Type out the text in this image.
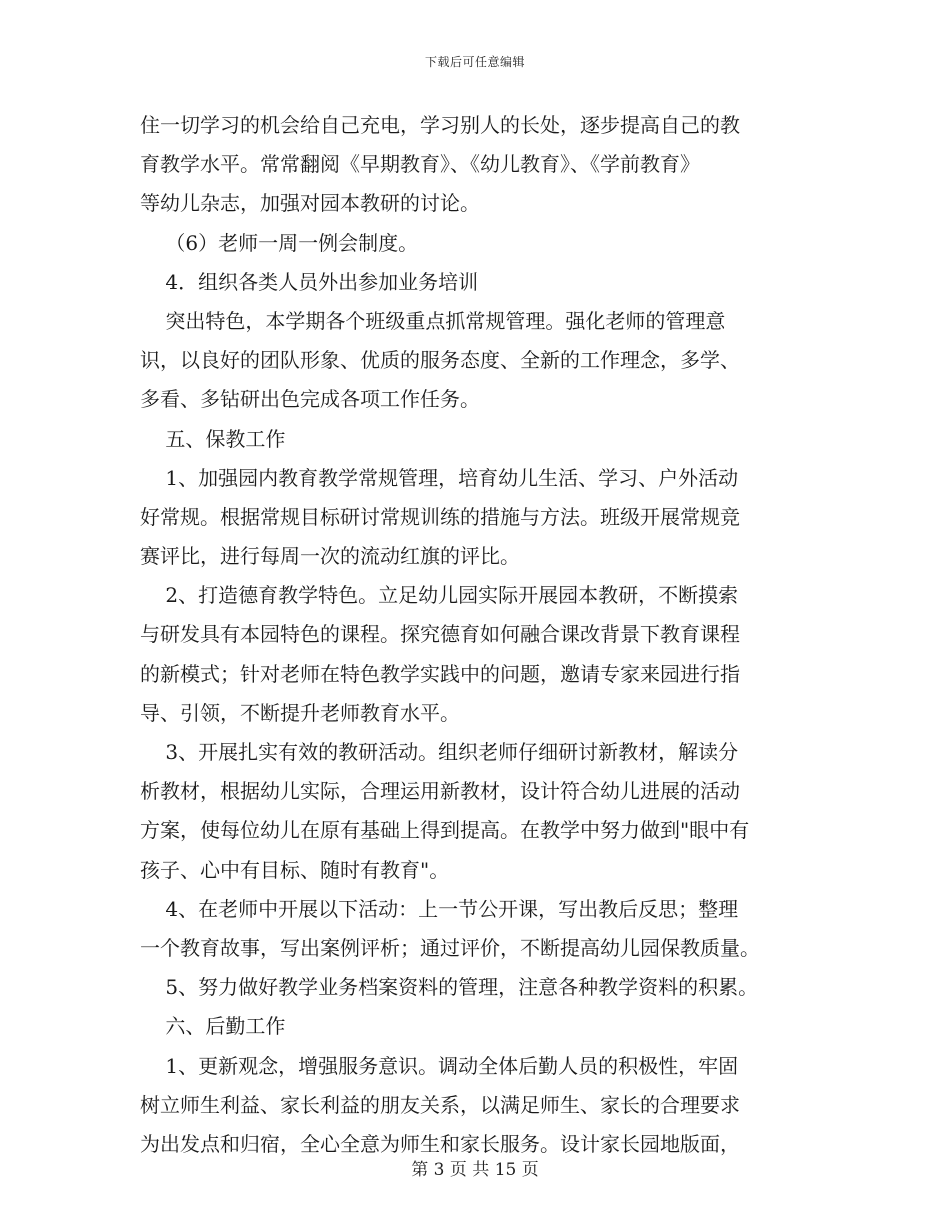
下载后可任意编辑
住一切学习的机会给自己充电，学习别人的长处，逐步提高自己的教
育教学水平。常常翻阅《早期教育》、《幼儿教育》、《学前教育》
等幼儿杂志，加强对园本教研的讨论。
（6）老师一周一例会制度。
4．组织各类人员外出参加业务培训
突出特色，本学期各个班级重点抓常规管理。强化老师的管理意
识，以良好的团队形象、优质的服务态度、全新的工作理念，多学、
多看、多钻研出色完成各项工作任务。
五、保教工作
1、加强园内教育教学常规管理，培育幼儿生活、学习、户外活动
好常规。根据常规目标研讨常规训练的措施与方法。班级开展常规竞
赛评比，进行每周一次的流动红旗的评比。
2、打造德育教学特色。立足幼儿园实际开展园本教研，不断摸索
与研发具有本园特色的课程。探究德育如何融合课改背景下教育课程
的新模式；针对老师在特色教学实践中的问题，邀请专家来园进行指
导、引领，不断提升老师教育水平。
3、开展扎实有效的教研活动。组织老师仔细研讨新教材，解读分
析教材，根据幼儿实际，合理运用新教材，设计符合幼儿进展的活动
方案，使每位幼儿在原有基础上得到提高。在教学中努力做到"眼中有
孩子、心中有目标、随时有教育"。
4、在老师中开展以下活动：上一节公开课，写出教后反思；整理
一个教育故事，写出案例评析；通过评价，不断提高幼儿园保教质量。
5、努力做好教学业务档案资料的管理，注意各种教学资料的积累。
六、后勤工作
1、更新观念，增强服务意识。调动全体后勤人员的积极性，牢固
树立师生利益、家长利益的朋友关系，以满足师生、家长的合理要求
为出发点和归宿，全心全意为师生和家长服务。设计家长园地版面，
第 3 页 共 15 页
